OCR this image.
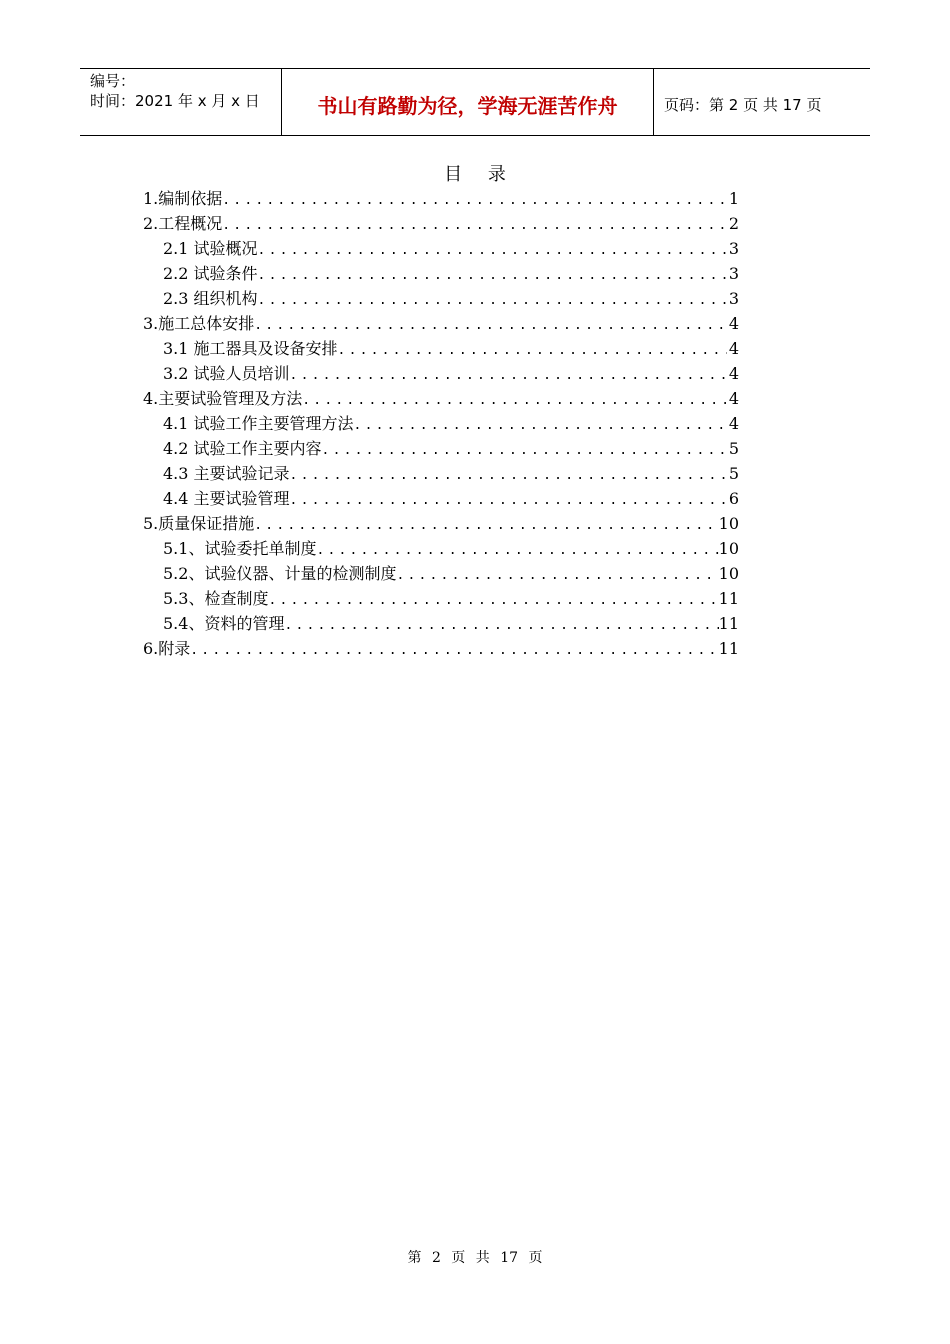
编号：
时间：2021 年 x 月 x 日	书山有路勤为径，学海无涯苦作舟	页码：第 2 页 共 17 页
目 录
1.编制依据 .....	1
2.工程概况 .....	2
2.1 试验概况 .....	3
2.2 试验条件 .....	3
2.3 组织机构 .....	3
3.施工总体安排 .....	4
3.1 施工器具及设备安排 .....	4
3.2 试验人员培训 .....	4
4.主要试验管理及方法 .....	4
4.1 试验工作主要管理方法 .....	4
4.2 试验工作主要内容 .....	5
4.3 主要试验记录 .....	5
4.4 主要试验管理 .....	6
5.质量保证措施 .....	10
5.1、试验委托单制度 .....	10
5.2、试验仪器、计量的检测制度 .....	10
5.3、检查制度 .....	11
5.4、资料的管理 .....	11
6.附录 .....	11
第 2 页 共 17 页
